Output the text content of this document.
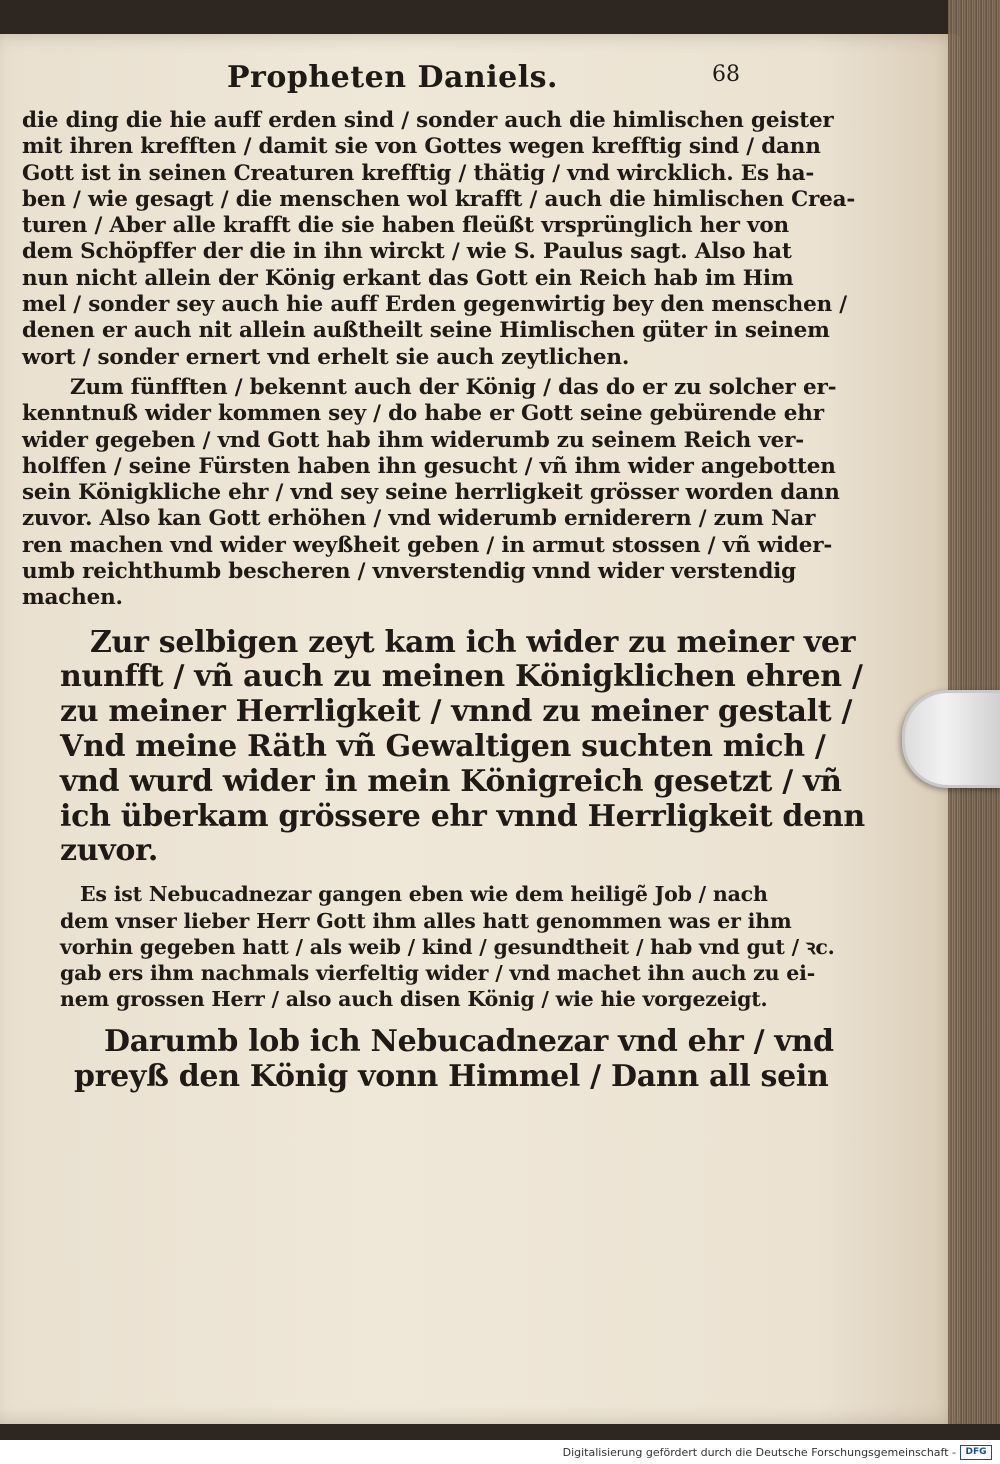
Propheten Daniels.	68
die ding die hie auff erden sind / sonder auch die himlischen geister
mit ihren krefften / damit sie von Gottes wegen krefftig sind / dann
Gott ist in seinen Creaturen krefftig / thätig / vnd wircklich. Es ha-
ben / wie gesagt / die menschen wol krafft / auch die himlischen Crea-
turen / Aber alle krafft die sie haben fleüßt vrsprünglich her von
dem Schöpffer der die in ihn wirckt / wie S. Paulus sagt. Also hat
nun nicht allein der König erkant das Gott ein Reich hab im Him
mel / sonder sey auch hie auff Erden gegenwirtig bey den menschen /
denen er auch nit allein außtheilt seine Himlischen güter in seinem
wort / sonder ernert vnd erhelt sie auch zeytlichen.
Zum fünfften / bekennt auch der König / das do er zu solcher er-
kenntnuß wider kommen sey / do habe er Gott seine gebürende ehr
wider gegeben / vnd Gott hab ihm widerumb zu seinem Reich ver-
holffen / seine Fürsten haben ihn gesucht / vñ ihm wider angebotten
sein Königkliche ehr / vnd sey seine herrligkeit grösser worden dann
zuvor. Also kan Gott erhöhen / vnd widerumb erniderern / zum Nar
ren machen vnd wider weyßheit geben / in armut stossen / vñ wider-
umb reichthumb bescheren / vnverstendig vnnd wider verstendig
machen.
Zur selbigen zeyt kam ich wider zu meiner ver
nunfft / vñ auch zu meinen Königklichen ehren /
zu meiner Herrligkeit / vnnd zu meiner gestalt /
Vnd meine Räth vñ Gewaltigen suchten mich /
vnd wurd wider in mein Königreich gesetzt / vñ
ich überkam grössere ehr vnnd Herrligkeit denn
zuvor.
Es ist Nebucadnezar gangen eben wie dem heiligẽ Job / nach
dem vnser lieber Herr Gott ihm alles hatt genommen was er ihm
vorhin gegeben hatt / als weib / kind / gesundtheit / hab vnd gut / ꝛc.
gab ers ihm nachmals vierfeltig wider / vnd machet ihn auch zu ei-
nem grossen Herr / also auch disen König / wie hie vorgezeigt.
Darumb lob ich Nebucadnezar vnd ehr / vnd
preyß den König vonn Himmel / Dann all sein
Digitalisierung gefördert durch die Deutsche Forschungsgemeinschaft -	DFG
